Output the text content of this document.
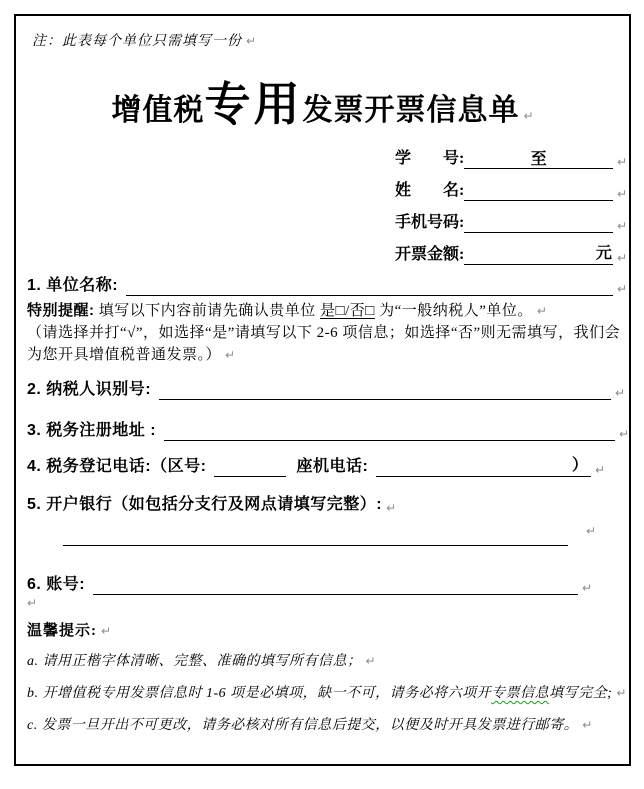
注：此表每个单位只需填写一份 ↵
增值税专用发票开票信息单 ↵
学　　号:	至	↵
姓　　名:	↵
手机号码:	↵
开票金额:	元 ↵
1. 单位名称:	↵
特别提醒: 填写以下内容前请先确认贵单位 是□/否□ 为“一般纳税人”单位。 ↵
（请选择并打“√”，如选择“是”请填写以下 2-6 项信息；如选择“否”则无需填写，我们会为您开具增值税普通发票。） ↵
2. 纳税人识别号:	↵
3. 税务注册地址 :	↵
4. 税务登记电话:（区号:	座机电话:	） ↵
5. 开户银行（如包括分支行及网点请填写完整）: ↵
↵
6. 账号:	↵
↵
温馨提示: ↵
a. 请用正楷字体清晰、完整、准确的填写所有信息； ↵
b. 开增值税专用发票信息时 1-6 项是必填项，缺一不可，请务必将六项开专票信息填写完全; ↵
c. 发票一旦开出不可更改，请务必核对所有信息后提交，以便及时开具发票进行邮寄。 ↵
